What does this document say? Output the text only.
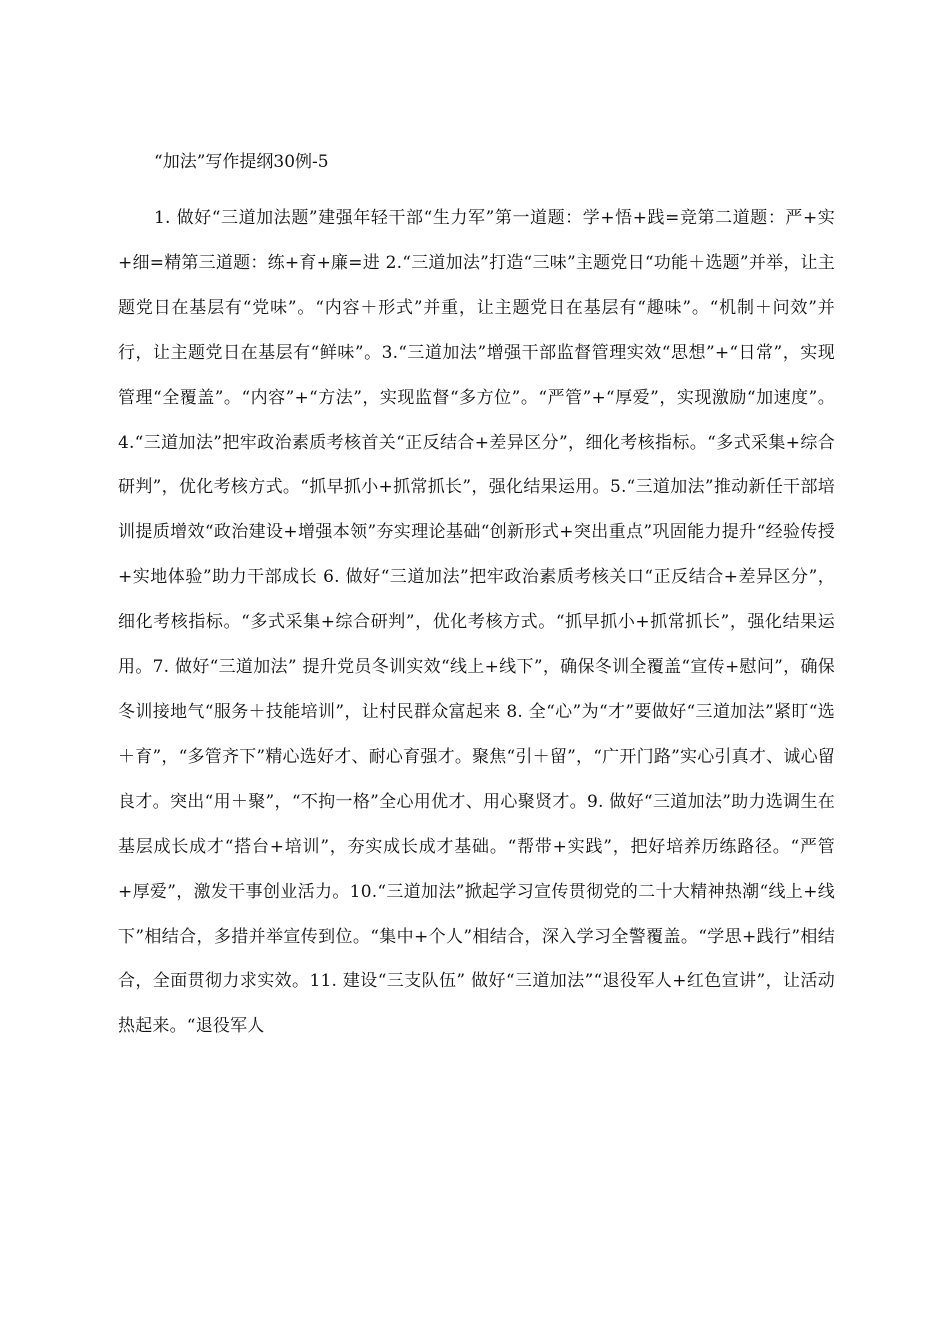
“加法”写作提纲30例-5
1. 做好“三道加法题”建强年轻干部“生力军”第一道题：学+悟+践=竞第二道题：严+实+细=精第三道题：练+育+廉=进 2.“三道加法”打造“三味”主题党日“功能＋选题”并举，让主题党日在基层有“党味”。“内容＋形式”并重，让主题党日在基层有“趣味”。“机制＋问效”并行，让主题党日在基层有“鲜味”。3.“三道加法”增强干部监督管理实效“思想”+“日常”，实现管理“全覆盖”。“内容”+“方法”，实现监督“多方位”。“严管”+“厚爱”，实现激励“加速度”。4.“三道加法”把牢政治素质考核首关“正反结合+差异区分”，细化考核指标。“多式采集+综合研判”，优化考核方式。“抓早抓小+抓常抓长”，强化结果运用。5.“三道加法”推动新任干部培训提质增效“政治建设+增强本领”夯实理论基础“创新形式+突出重点”巩固能力提升“经验传授+实地体验”助力干部成长 6. 做好“三道加法”把牢政治素质考核关口“正反结合+差异区分”，细化考核指标。“多式采集+综合研判”，优化考核方式。“抓早抓小+抓常抓长”，强化结果运用。7. 做好“三道加法” 提升党员冬训实效“线上+线下”，确保冬训全覆盖“宣传+慰问”，确保冬训接地气“服务＋技能培训”，让村民群众富起来 8. 全“心”为“才”要做好“三道加法”紧盯“选＋育”，“多管齐下”精心选好才、耐心育强才。聚焦“引＋留”，“广开门路”实心引真才、诚心留良才。突出“用＋聚”，“不拘一格”全心用优才、用心聚贤才。9. 做好“三道加法”助力选调生在基层成长成才“搭台+培训”，夯实成长成才基础。“帮带+实践”，把好培养历练路径。“严管+厚爱”，激发干事创业活力。10.“三道加法”掀起学习宣传贯彻党的二十大精神热潮“线上+线下”相结合，多措并举宣传到位。“集中+个人”相结合，深入学习全警覆盖。“学思+践行”相结合，全面贯彻力求实效。11. 建设“三支队伍” 做好“三道加法”“退役军人+红色宣讲”，让活动热起来。“退役军人
